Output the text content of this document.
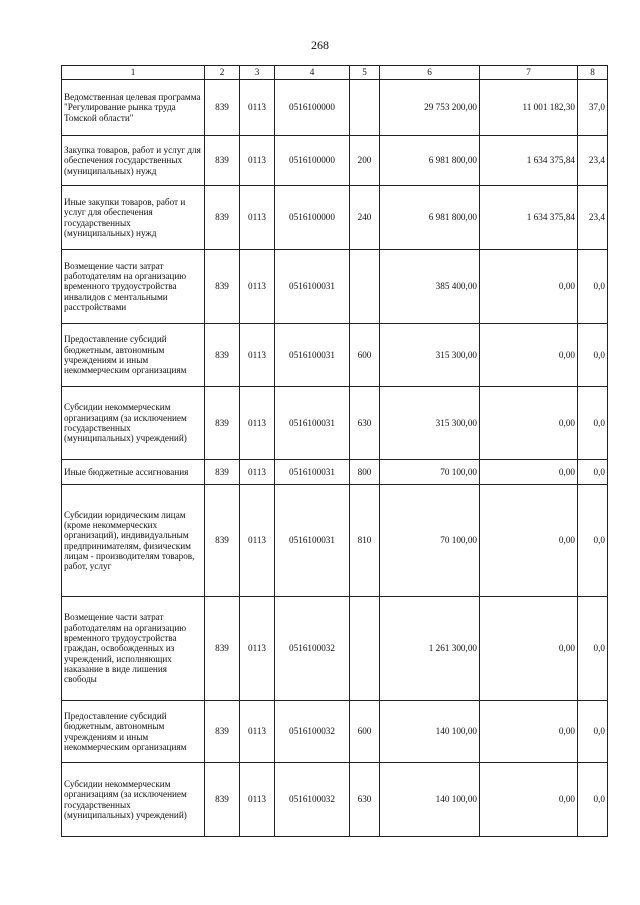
268
1	2	3	4	5	6	7	8
Ведомственная целевая программа "Регулирование рынка труда Томской области"	839	0113	0516100000		29 753 200,00	11 001 182,30	37,0
Закупка товаров, работ и услуг для обеспечения государственных (муниципальных) нужд	839	0113	0516100000	200	6 981 800,00	1 634 375,84	23,4
Иные закупки товаров, работ и услуг для обеспечения государственных (муниципальных) нужд	839	0113	0516100000	240	6 981 800,00	1 634 375,84	23,4
Возмещение части затрат работодателям на организацию временного трудоустройства инвалидов с ментальными расстройствами	839	0113	0516100031		385 400,00	0,00	0,0
Предоставление субсидий бюджетным, автономным учреждениям и иным некоммерческим организациям	839	0113	0516100031	600	315 300,00	0,00	0,0
Субсидии некоммерческим организациям (за исключением государственных (муниципальных) учреждений)	839	0113	0516100031	630	315 300,00	0,00	0,0
Иные бюджетные ассигнования	839	0113	0516100031	800	70 100,00	0,00	0,0
Субсидии юридическим лицам (кроме некоммерческих организаций), индивидуальным предпринимателям, физическим лицам - производителям товаров, работ, услуг	839	0113	0516100031	810	70 100,00	0,00	0,0
Возмещение части затрат работодателям на организацию временного трудоустройства граждан, освобожденных из учреждений, исполняющих наказание в виде лишения свободы	839	0113	0516100032		1 261 300,00	0,00	0,0
Предоставление субсидий бюджетным, автономным учреждениям и иным некоммерческим организациям	839	0113	0516100032	600	140 100,00	0,00	0,0
Субсидии некоммерческим организациям (за исключением государственных (муниципальных) учреждений)	839	0113	0516100032	630	140 100,00	0,00	0,0
